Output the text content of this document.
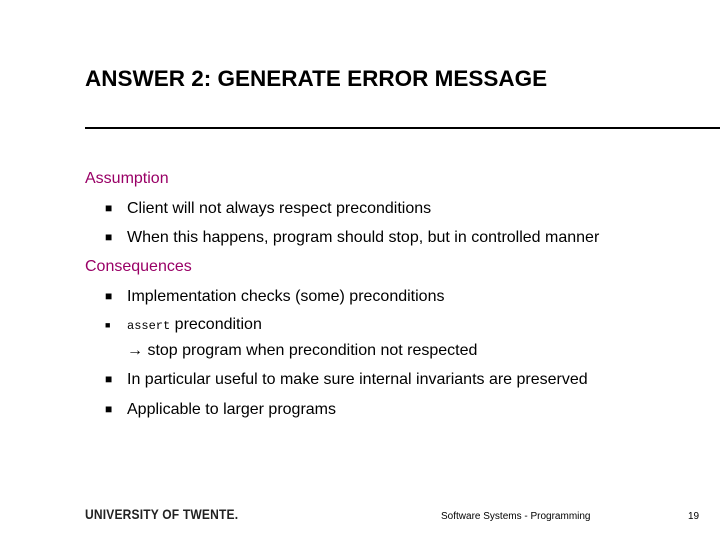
ANSWER 2: GENERATE ERROR MESSAGE
Assumption
■ Client will not always respect preconditions
■ When this happens, program should stop, but in controlled manner
Consequences
■ Implementation checks (some) preconditions
■ assert precondition
→ stop program when precondition not respected
■ In particular useful to make sure internal invariants are preserved
■ Applicable to larger programs
UNIVERSITY OF TWENTE.	Software Systems - Programming	19
